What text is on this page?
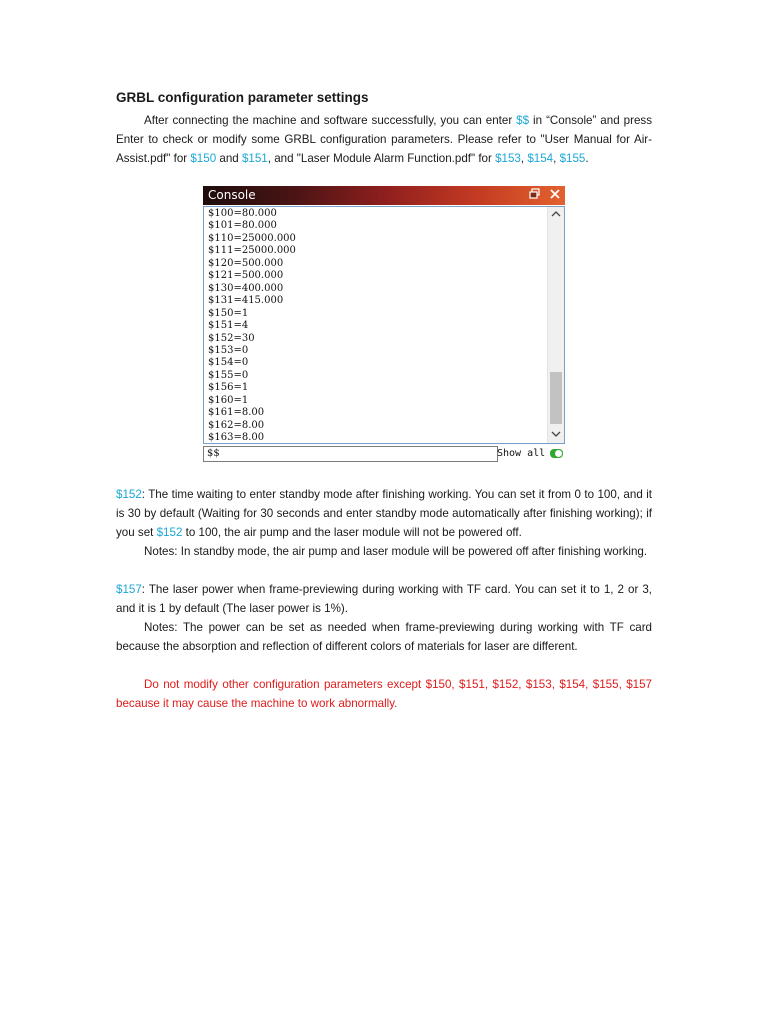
GRBL configuration parameter settings

After connecting the machine and software successfully, you can enter $$ in “Console” and press Enter to check or modify some GRBL configuration parameters. Please refer to "User Manual for Air-Assist.pdf" for $150 and $151, and "Laser Module Alarm Function.pdf" for $153, $154, $155.

Console
$100=80.000
$101=80.000
$110=25000.000
$111=25000.000
$120=500.000
$121=500.000
$130=400.000
$131=415.000
$150=1
$151=4
$152=30
$153=0
$154=0
$155=0
$156=1
$160=1
$161=8.00
$162=8.00
$163=8.00
$$	Show all

$152: The time waiting to enter standby mode after finishing working. You can set it from 0 to 100, and it is 30 by default (Waiting for 30 seconds and enter standby mode automatically after finishing working); if you set $152 to 100, the air pump and the laser module will not be powered off.

Notes: In standby mode, the air pump and laser module will be powered off after finishing working.

$157: The laser power when frame-previewing during working with TF card. You can set it to 1, 2 or 3, and it is 1 by default (The laser power is 1%).

Notes: The power can be set as needed when frame-previewing during working with TF card because the absorption and reflection of different colors of materials for laser are different.

Do not modify other configuration parameters except $150, $151, $152, $153, $154, $155, $157 because it may cause the machine to work abnormally.
